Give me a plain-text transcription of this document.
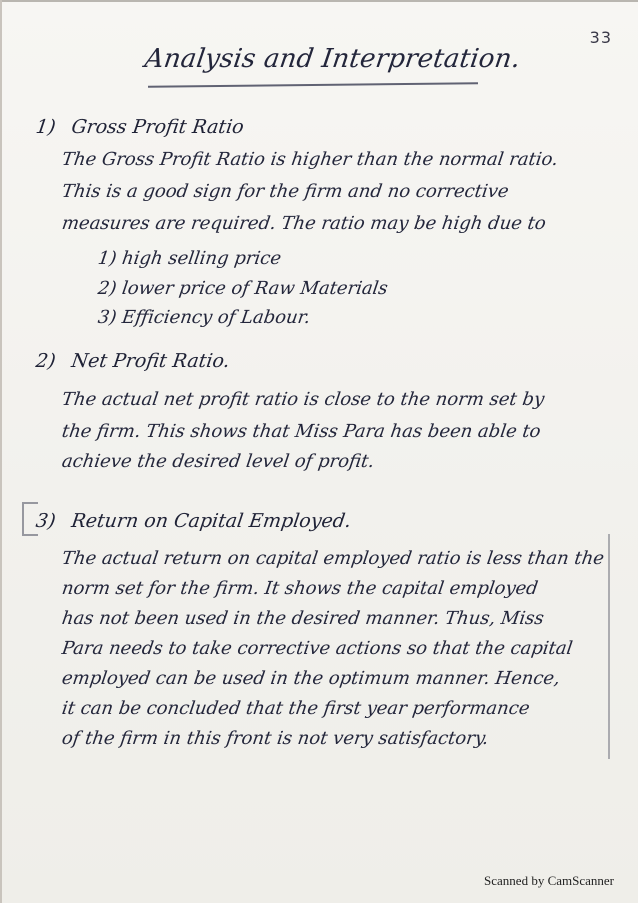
33
Analysis and Interpretation.
1) Gross Profit Ratio
The Gross Profit Ratio is higher than the normal ratio.
This is a good sign for the firm and no corrective
measures are required. The ratio may be high due to
1) high selling price
2) lower price of Raw Materials
3) Efficiency of Labour.
2) Net Profit Ratio.
The actual net profit ratio is close to the norm set by
the firm. This shows that Miss Para has been able to
achieve the desired level of profit.
3) Return on Capital Employed.
The actual return on capital employed ratio is less than the
norm set for the firm. It shows the capital employed
has not been used in the desired manner. Thus, Miss
Para needs to take corrective actions so that the capital
employed can be used in the optimum manner. Hence,
it can be concluded that the first year performance
of the firm in this front is not very satisfactory.
Scanned by CamScanner
